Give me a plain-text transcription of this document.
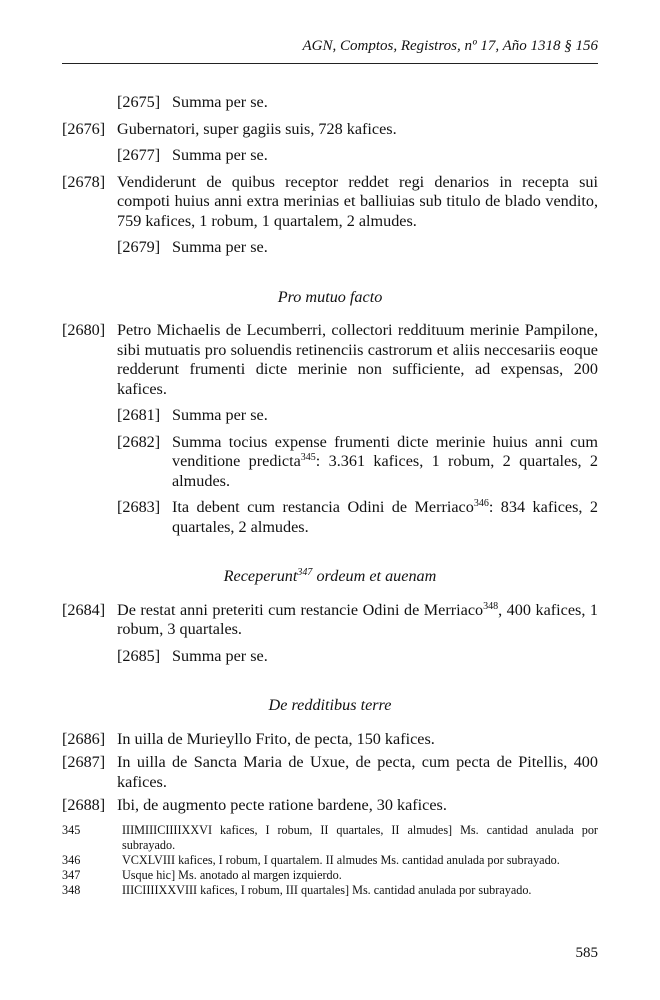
AGN, Comptos, Registros, nº 17, Año 1318 § 156
[2675] Summa per se.
[2676] Gubernatori, super gagiis suis, 728 kafices.
[2677] Summa per se.
[2678] Vendiderunt de quibus receptor reddet regi denarios in recepta sui compoti huius anni extra merinias et balliuias sub titulo de blado vendito, 759 kafices, 1 robum, 1 quartalem, 2 almudes.
[2679] Summa per se.
Pro mutuo facto
[2680] Petro Michaelis de Lecumberri, collectori reddituum merinie Pampilone, sibi mutuatis pro soluendis retinenciis castrorum et aliis neccesariis eoque redderunt frumenti dicte merinie non sufficiente, ad expensas, 200 kafices.
[2681] Summa per se.
[2682] Summa tocius expense frumenti dicte merinie huius anni cum venditione predicta$^{345}$: 3.361 kafices, 1 robum, 2 quartales, 2 almudes.
[2683] Ita debent cum restancia Odini de Merriaco$^{346}$: 834 kafices, 2 quartales, 2 almudes.
Receperunt$^{347}$ ordeum et auenam
[2684] De restat anni preteriti cum restancie Odini de Merriaco$^{348}$, 400 kafices, 1 robum, 3 quartales.
[2685] Summa per se.
De redditibus terre
[2686] In uilla de Murieyllo Frito, de pecta, 150 kafices.
[2687] In uilla de Sancta Maria de Uxue, de pecta, cum pecta de Pitellis, 400 kafices.
[2688] Ibi, de augmento pecte ratione bardene, 30 kafices.
345	IIIMIIICIIIIXXVI kafices, I robum, II quartales, II almudes] Ms. cantidad anulada por subrayado.
346	VCXLVIII kafices, I robum, I quartalem. II almudes Ms. cantidad anulada por subrayado.
347	Usque hic] Ms. anotado al margen izquierdo.
348	IIICIIIIXXVIII kafices, I robum, III quartales] Ms. cantidad anulada por subrayado.
585
